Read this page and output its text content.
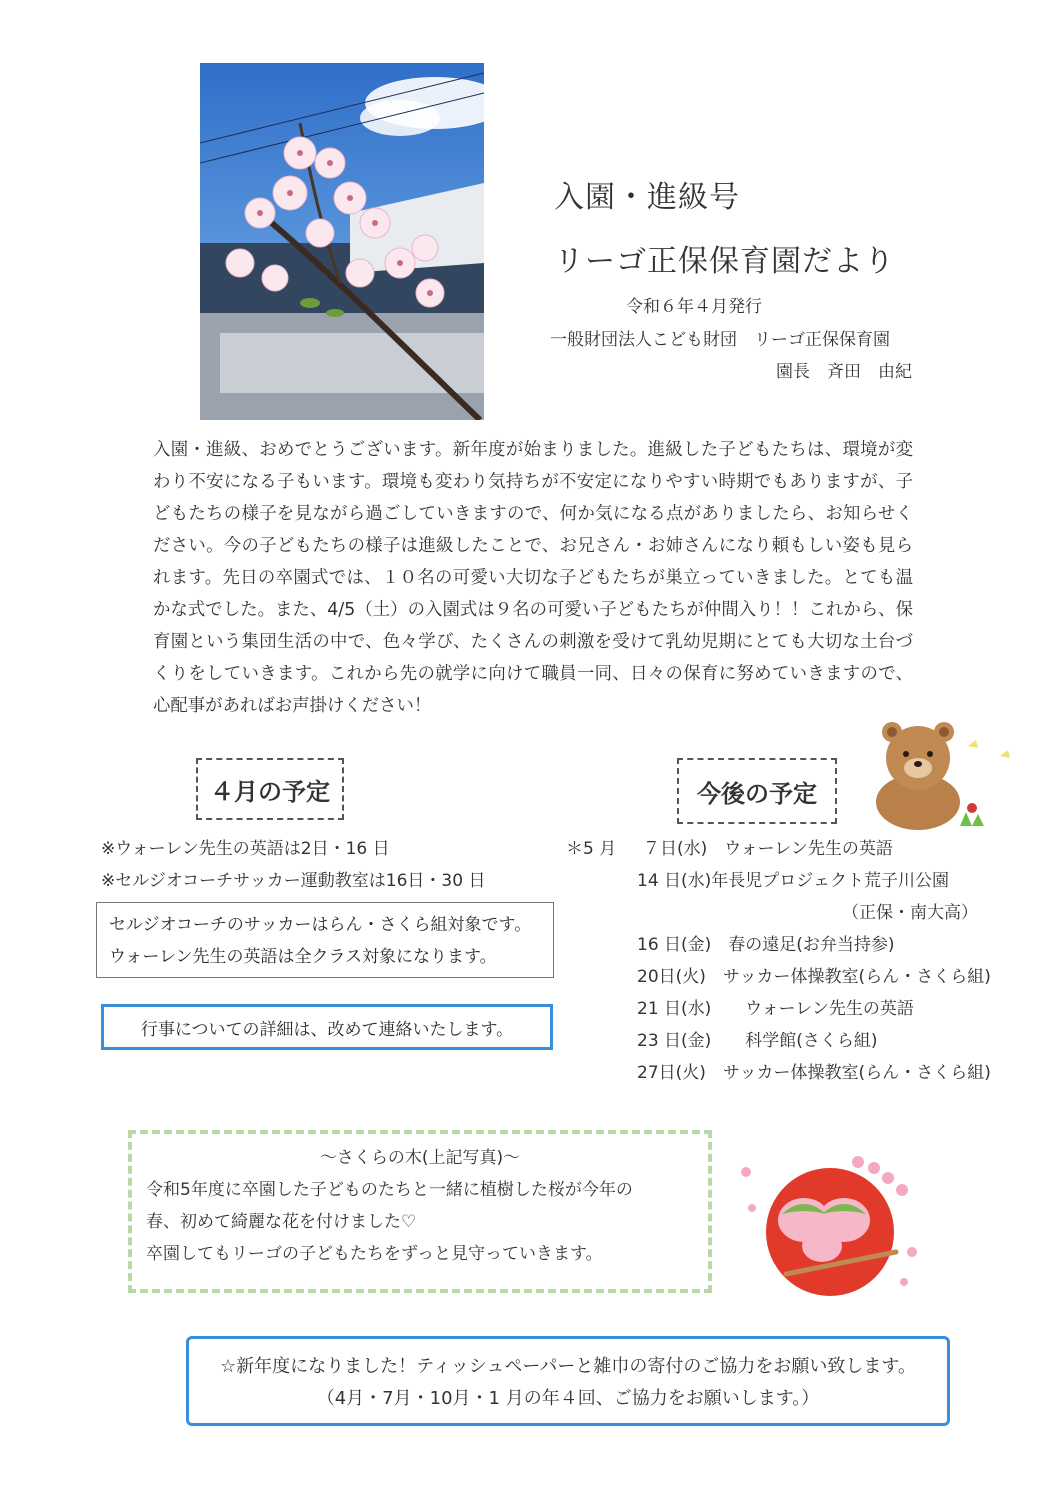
入園・進級号
リーゴ正保保育園だより
令和６年４月発行
一般財団法人こども財団　リーゴ正保保育園
園長　斉田　由紀
入園・進級、おめでとうございます。新年度が始まりました。進級した子どもたちは、環境が変わり不安になる子もいます。環境も変わり気持ちが不安定になりやすい時期でもありますが、子どもたちの様子を見ながら過ごしていきますので、何か気になる点がありましたら、お知らせください。今の子どもたちの様子は進級したことで、お兄さん・お姉さんになり頼もしい姿も見られます。先日の卒園式では、１０名の可愛い大切な子どもたちが巣立っていきました。とても温かな式でした。また、4/5（土）の入園式は９名の可愛い子どもたちが仲間入り！！これから、保育園という集団生活の中で、色々学び、たくさんの刺激を受けて乳幼児期にとても大切な土台づくりをしていきます。これから先の就学に向けて職員一同、日々の保育に努めていきますので、心配事があればお声掛けください！
４月の予定
※ウォーレン先生の英語は2日・16 日
※セルジオコーチサッカー運動教室は16日・30 日
セルジオコーチのサッカーはらん・さくら組対象です。
ウォーレン先生の英語は全クラス対象になります。
行事についての詳細は、改めて連絡いたします。
今後の予定
＊5 月 ７日(水)　ウォーレン先生の英語
14 日(水)年長児プロジェクト荒子川公園
（正保・南大高）
16 日(金)　春の遠足(お弁当持参)
20日(火)　サッカー体操教室(らん・さくら組)
21 日(水)　　ウォーレン先生の英語
23 日(金)　　科学館(さくら組)
27日(火)　サッカー体操教室(らん・さくら組)
～さくらの木(上記写真)～
令和5年度に卒園した子どものたちと一緒に植樹した桜が今年の
春、初めて綺麗な花を付けました♡
卒園してもリーゴの子どもたちをずっと見守っていきます。
☆新年度になりました！ティッシュペーパーと雑巾の寄付のご協力をお願い致します。
（4月・7月・10月・1 月の年４回、ご協力をお願いします。）
